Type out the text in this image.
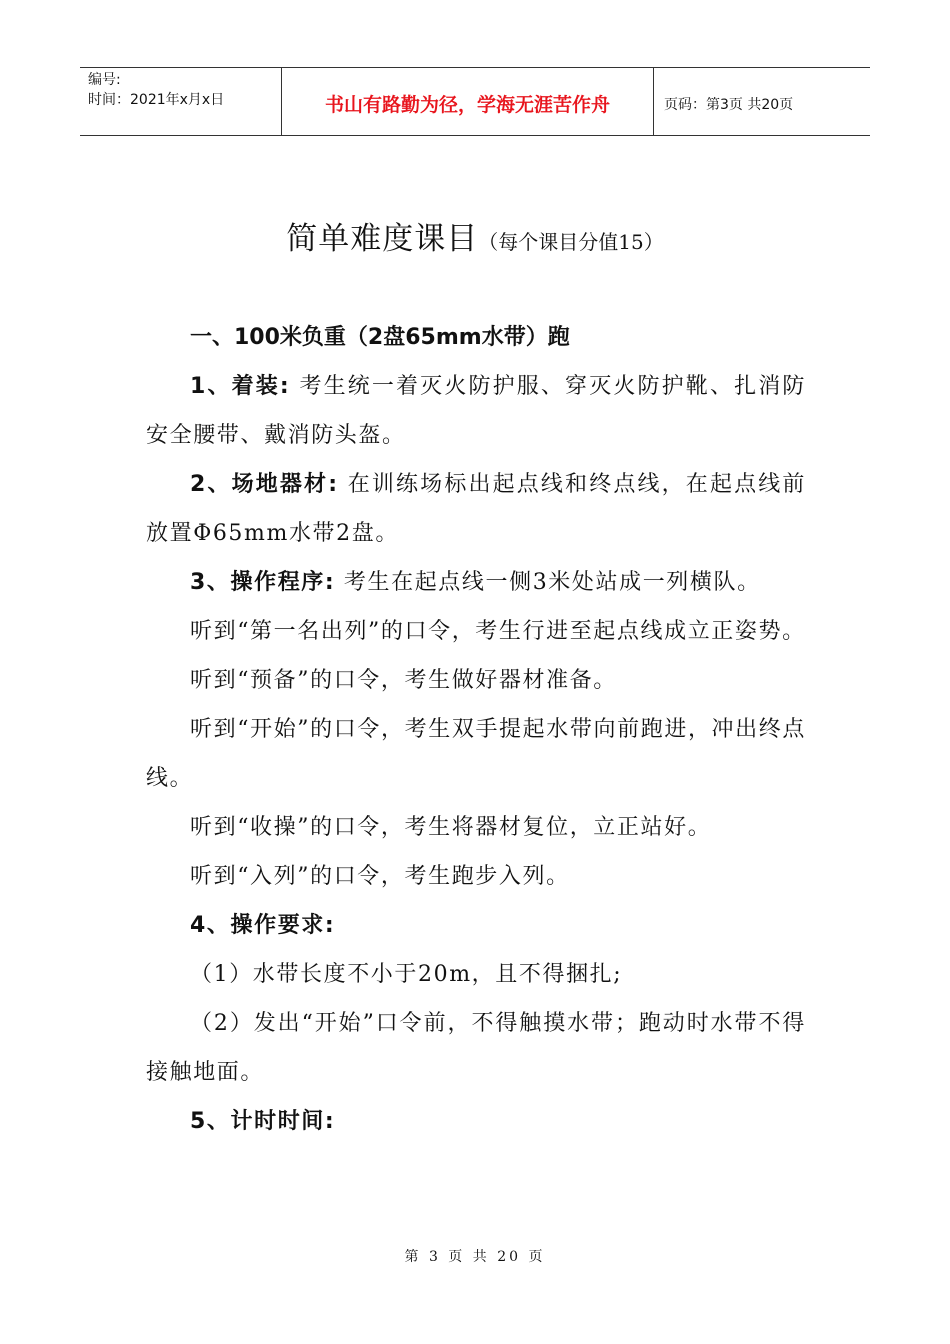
编号:
时间：2021年x月x日	书山有路勤为径，学海无涯苦作舟	页码：第3页 共20页
简单难度课目（每个课目分值15）

一、100米负重（2盘65mm水带）跑

1、着装: 考生统一着灭火防护服、穿灭火防护靴、扎消防安全腰带、戴消防头盔。

2、场地器材: 在训练场标出起点线和终点线，在起点线前放置Φ65mm水带2盘。

3、操作程序: 考生在起点线一侧3米处站成一列横队。

听到“第一名出列”的口令，考生行进至起点线成立正姿势。

听到“预备”的口令，考生做好器材准备。

听到“开始”的口令，考生双手提起水带向前跑进，冲出终点线。

听到“收操”的口令，考生将器材复位，立正站好。

听到“入列”的口令，考生跑步入列。

4、操作要求:

（1）水带长度不小于20m，且不得捆扎;

（2）发出“开始”口令前，不得触摸水带；跑动时水带不得接触地面。

5、计时时间:

第 3 页 共 20 页
